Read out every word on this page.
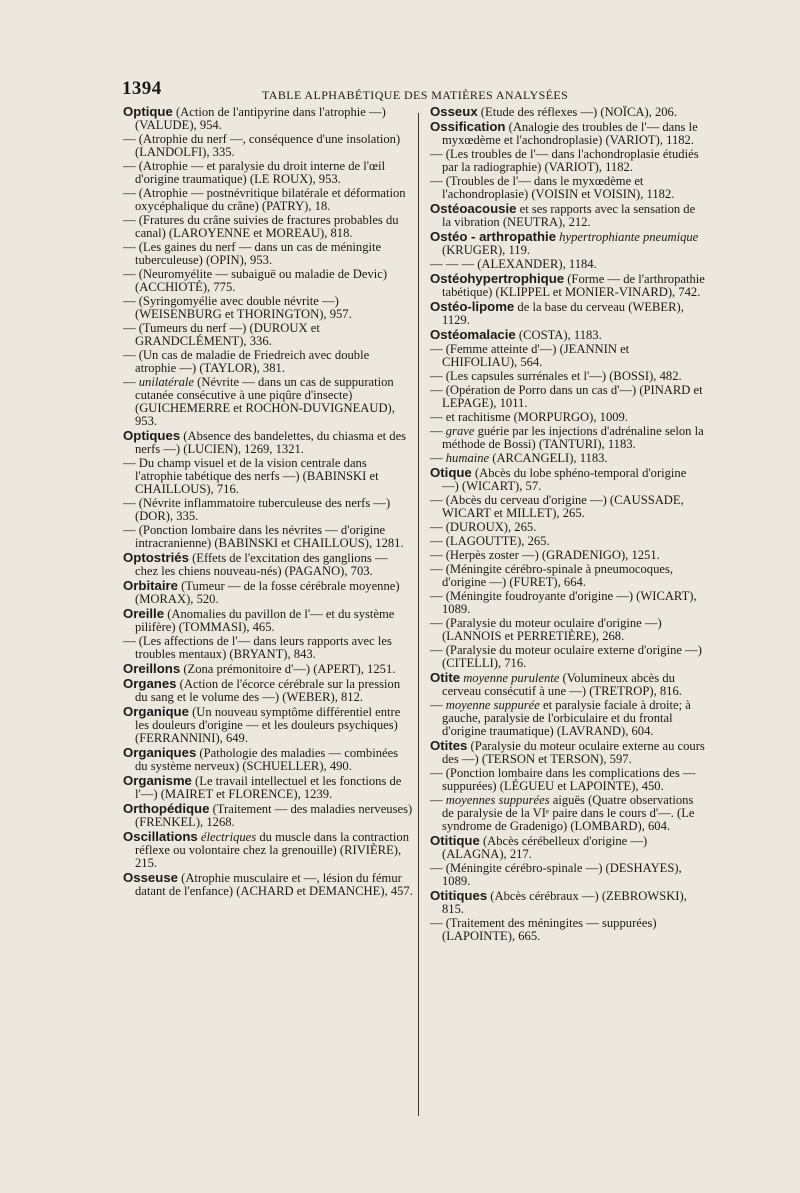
1394	TABLE ALPHABÉTIQUE DES MATIÈRES ANALYSÉES
Optique (Action de l'antipyrine dans l'atrophie —) (VALUDE), 954.
— (Atrophie du nerf —, conséquence d'une insolation) (LANDOLFI), 335.
— (Atrophie — et paralysie du droit interne de l'œil d'origine traumatique) (LE ROUX), 953.
— (Atrophie — postnévritique bilatérale et déformation oxycéphalique du crâne) (PATRY), 18.
— (Fratures du crâne suivies de fractures probables du canal) (LAROYENNE et MOREAU), 818.
— (Les gaines du nerf — dans un cas de méningite tuberculeuse) (OPIN), 953.
— (Neuromyélite — subaiguë ou maladie de Devic) (ACCHIOTÉ), 775.
— (Syringomyélie avec double névrite —) (WEISENBURG et THORINGTON), 957.
— (Tumeurs du nerf —) (DUROUX et GRANDCLÉMENT), 336.
— (Un cas de maladie de Friedreich avec double atrophie —) (TAYLOR), 381.
— unilatérale (Névrite — dans un cas de suppuration cutanée consécutive à une piqûre d'insecte) (GUICHEMERRE et ROCHON-DUVIGNEAUD), 953.
Optiques (Absence des bandelettes, du chiasma et des nerfs —) (LUCIEN), 1269, 1321.
— Du champ visuel et de la vision centrale dans l'atrophie tabétique des nerfs —) (BABINSKI et CHAILLOUS), 716.
— (Névrite inflammatoire tuberculeuse des nerfs —) (DOR), 335.
— (Ponction lombaire dans les névrites — d'origine intracranienne) (BABINSKI et CHAILLOUS), 1281.
Optostriés (Effets de l'excitation des ganglions — chez les chiens nouveau-nés) (PAGANO), 703.
Orbitaire (Tumeur — de la fosse cérébrale moyenne) (MORAX), 520.
Oreille (Anomalies du pavillon de l'— et du système pilifère) (TOMMASI), 465.
— (Les affections de l'— dans leurs rapports avec les troubles mentaux) (BRYANT), 843.
Oreillons (Zona prémonitoire d'—) (APERT), 1251.
Organes (Action de l'écorce cérébrale sur la pression du sang et le volume des —) (WEBER), 812.
Organique (Un nouveau symptôme différentiel entre les douleurs d'origine — et les douleurs psychiques) (FERRANNINI), 649.
Organiques (Pathologie des maladies — combinées du système nerveux) (SCHUELLER), 490.
Organisme (Le travail intellectuel et les fonctions de l'—) (MAIRET et FLORENCE), 1239.
Orthopédique (Traitement — des maladies nerveuses) (FRENKEL), 1268.
Oscillations électriques du muscle dans la contraction réflexe ou volontaire chez la grenouille) (RIVIÈRE), 215.
Osseuse (Atrophie musculaire et —, lésion du fémur datant de l'enfance) (ACHARD et DEMANCHE), 457.
Osseux (Etude des réflexes —) (NOÏCA), 206.
Ossification (Analogie des troubles de l'— dans le myxœdème et l'achondroplasie) (VARIOT), 1182.
— (Les troubles de l'— dans l'achondroplasie étudiés par la radiographie) (VARIOT), 1182.
— (Troubles de l'— dans le myxœdème et l'achondroplasie) (VOISIN et VOISIN), 1182.
Ostéoacousie et ses rapports avec la sensation de la vibration (NEUTRA), 212.
Ostéo - arthropathie hypertrophiante pneumique (KRUGER), 119.
— — — (ALEXANDER), 1184.
Ostéohypertrophique (Forme — de l'arthropathie tabétique) (KLIPPEL et MONIER-VINARD), 742.
Ostéo-lipome de la base du cerveau (WEBER), 1129.
Ostéomalacie (COSTA), 1183.
— (Femme atteinte d'—) (JEANNIN et CHIFOLIAU), 564.
— (Les capsules surrénales et l'—) (BOSSI), 482.
— (Opération de Porro dans un cas d'—) (PINARD et LEPAGE), 1011.
— et rachitisme (MORPURGO), 1009.
— grave guérie par les injections d'adrénaline selon la méthode de Bossi) (TANTURI), 1183.
— humaine (ARCANGELI), 1183.
Otique (Abcès du lobe sphéno-temporal d'origine —) (WICART), 57.
— (Abcès du cerveau d'origine —) (CAUSSADE, WICART et MILLET), 265.
— (DUROUX), 265.
— (LAGOUTTE), 265.
— (Herpès zoster —) (GRADENIGO), 1251.
— (Méningite cérébro-spinale à pneumocoques, d'origine —) (FURET), 664.
— (Méningite foudroyante d'origine —) (WICART), 1089.
— (Paralysie du moteur oculaire d'origine —) (LANNOIS et PERRETIÈRE), 268.
— (Paralysie du moteur oculaire externe d'origine —) (CITELLI), 716.
Otite moyenne purulente (Volumineux abcès du cerveau consécutif à une —) (TRETROP), 816.
— moyenne suppurée et paralysie faciale à droite; à gauche, paralysie de l'orbiculaire et du frontal d'origine traumatique) (LAVRAND), 604.
Otites (Paralysie du moteur oculaire externe au cours des —) (TERSON et TERSON), 597.
— (Ponction lombaire dans les complications des — suppurées) (LÉGUEU et LAPOINTE), 450.
— moyennes suppurées aiguës (Quatre observations de paralysie de la VIᵉ paire dans le cours d'—. (Le syndrome de Gradenigo) (LOMBARD), 604.
Otitique (Abcès cérébelleux d'origine —) (ALAGNA), 217.
— (Méningite cérébro-spinale —) (DESHAYES), 1089.
Otitiques (Abcès cérébraux —) (ZEBROWSKI), 815.
— (Traitement des méningites — suppurées) (LAPOINTE), 665.
